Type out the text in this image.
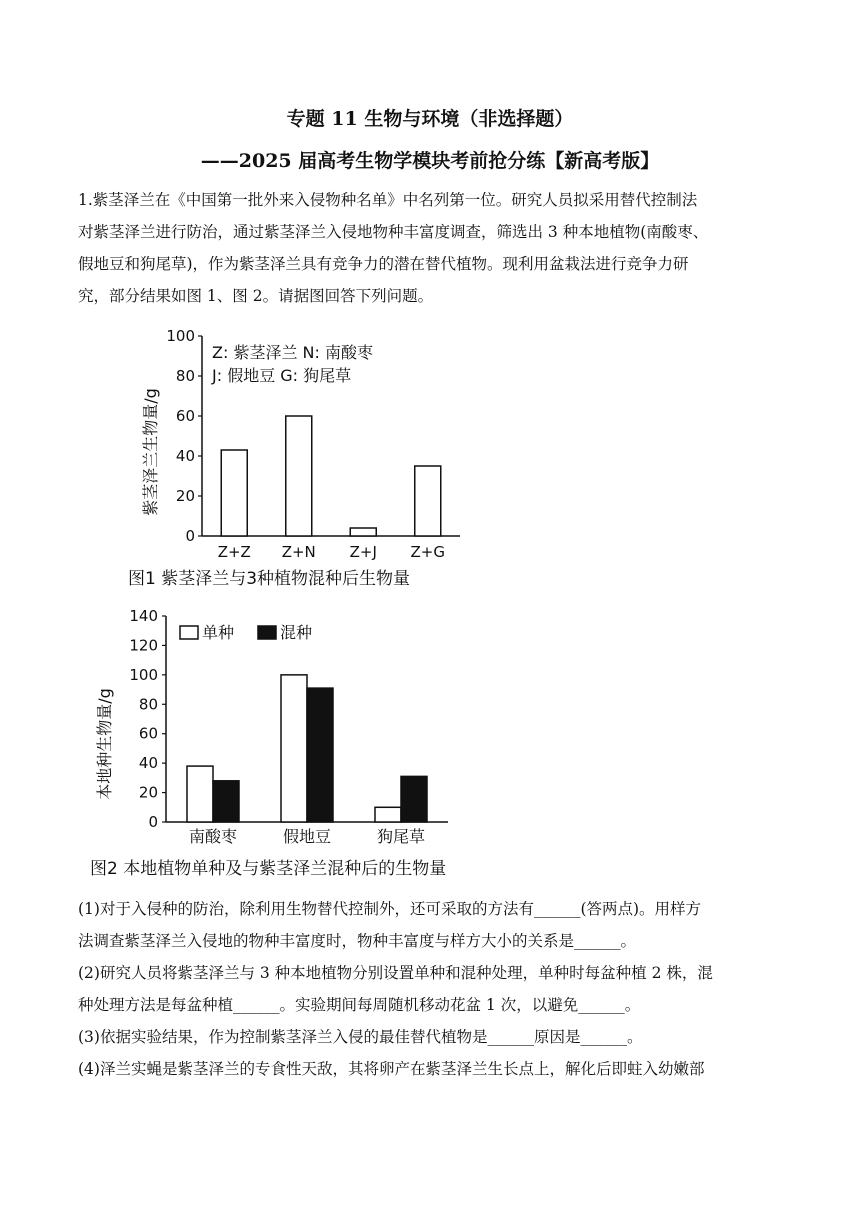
专题 11 生物与环境（非选择题）
——2025 届高考生物学模块考前抢分练【新高考版】
1.紫茎泽兰在《中国第一批外来入侵物种名单》中名列第一位。研究人员拟采用替代控制法
对紫茎泽兰进行防治，通过紫茎泽兰入侵地物种丰富度调查，筛选出 3 种本地植物(南酸枣、
假地豆和狗尾草)，作为紫茎泽兰具有竞争力的潜在替代植物。现利用盆栽法进行竞争力研
究，部分结果如图 1、图 2。请据图回答下列问题。
0
20
40
60
80
100
Z+Z Z+N Z+J Z+G
紫茎泽兰生物量/g
Z: 紫茎泽兰 N: 南酸枣
J: 假地豆 G: 狗尾草
图1 紫茎泽兰与3种植物混种后生物量
0
20
40
60
80
100
120
140
南酸枣	假地豆	狗尾草
本地种生物量/g
单种	混种
图2 本地植物单种及与紫茎泽兰混种后的生物量
(1)对于入侵种的防治，除利用生物替代控制外，还可采取的方法有______(答两点)。用样方
法调查紫茎泽兰入侵地的物种丰富度时，物种丰富度与样方大小的关系是______。
(2)研究人员将紫茎泽兰与 3 种本地植物分别设置单种和混种处理，单种时每盆种植 2 株，混
种处理方法是每盆种植______。实验期间每周随机移动花盆 1 次，以避免______。
(3)依据实验结果，作为控制紫茎泽兰入侵的最佳替代植物是______原因是______。
(4)泽兰实蝇是紫茎泽兰的专食性天敌，其将卵产在紫茎泽兰生长点上，解化后即蛀入幼嫩部
